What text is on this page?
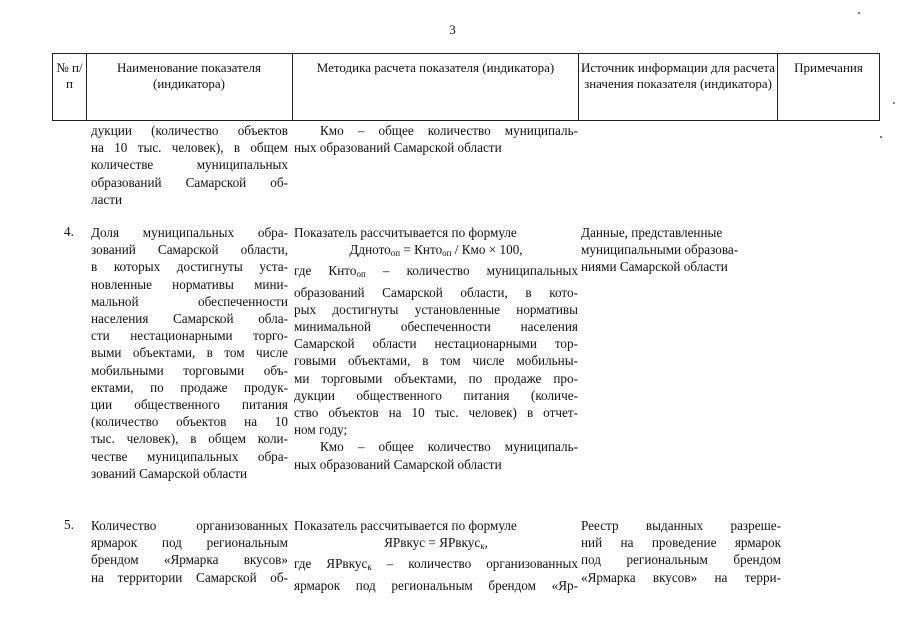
3
№ п/п
Наименование показателя (индикатора)
Методика расчета показателя (индикатора)	Источник информации для расчета значения показателя (индикатора)
Примечания
дукции (количество объектов
на 10 тыс. человек), в общем
количестве муниципальных
образований Самарской об-
ласти
Кмо – общее количество муниципаль-
ных образований Самарской области
4. Доля муниципальных обра-
зований Самарской области,
в которых достигнуты уста-
новленные нормативы мини-
мальной обеспеченности
населения Самарской обла-
сти нестационарными торго-
выми объектами, в том числе
мобильными торговыми объ-
ектами, по продаже продук-
ции общественного питания
(количество объектов на 10
тыс. человек), в общем коли-
честве муниципальных обра-
зований Самарской области
Показатель рассчитывается по формуле
Ддното$_{оп}$ = Кнто$_{оп}$ / Кмо × 100,
где Кнто$_{оп}$ – количество муниципальных
образований Самарской области, в кото-
рых достигнуты установленные нормативы
минимальной обеспеченности населения
Самарской области нестационарными тор-
говыми объектами, в том числе мобильны-
ми торговыми объектами, по продаже про-
дукции общественного питания (количе-
ство объектов на 10 тыс. человек) в отчет-
ном году;
Кмо – общее количество муниципаль-
ных образований Самарской области
Данные, представленные
муниципальными образова-
ниями Самарской области
5. Количество организованных
ярмарок под региональным
брендом «Ярмарка вкусов»
на территории Самарской об-
Показатель рассчитывается по формуле
ЯРвкус = ЯРвкус$_к$,
где ЯРвкус$_к$ – количество организованных
ярмарок под региональным брендом «Яр-
Реестр выданных разреше-
ний на проведение ярмарок
под региональным брендом
«Ярмарка вкусов» на терри-
